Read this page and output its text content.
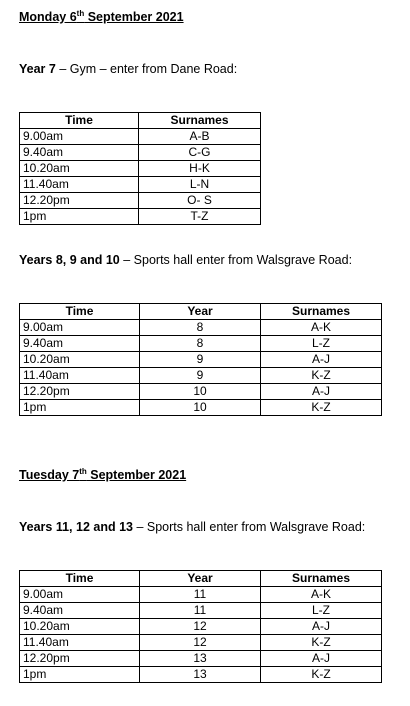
Monday 6th September 2021
Year 7 – Gym – enter from Dane Road:
Time	Surnames
9.00am	A-B
9.40am	C-G
10.20am	H-K
11.40am	L-N
12.20pm	O- S
1pm	T-Z
Years 8, 9 and 10 – Sports hall enter from Walsgrave Road:
Time	Year	Surnames
9.00am	8	A-K
9.40am	8	L-Z
10.20am	9	A-J
11.40am	9	K-Z
12.20pm	10	A-J
1pm	10	K-Z
Tuesday 7th September 2021
Years 11, 12 and 13 – Sports hall enter from Walsgrave Road:
Time	Year	Surnames
9.00am	11	A-K
9.40am	11	L-Z
10.20am	12	A-J
11.40am	12	K-Z
12.20pm	13	A-J
1pm	13	K-Z
